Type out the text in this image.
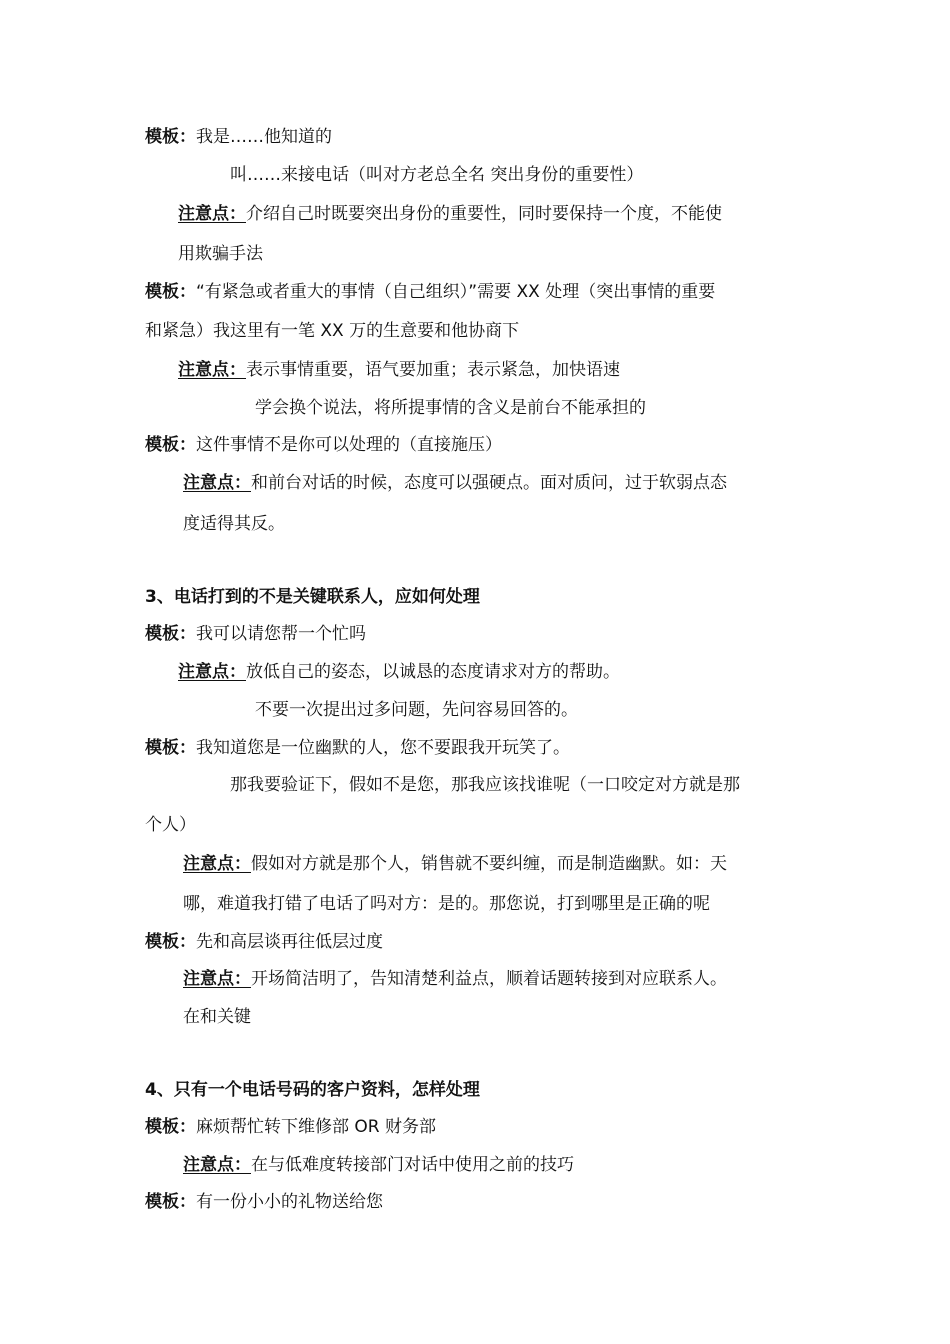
模板：我是……他知道的
叫……来接电话（叫对方老总全名 突出身份的重要性）
注意点：介绍自己时既要突出身份的重要性，同时要保持一个度，不能使
用欺骗手法
模板：“有紧急或者重大的事情（自己组织）”需要 XX 处理（突出事情的重要
和紧急）我这里有一笔 XX 万的生意要和他协商下
注意点：表示事情重要，语气要加重；表示紧急，加快语速
学会换个说法，将所提事情的含义是前台不能承担的
模板：这件事情不是你可以处理的（直接施压）
注意点：和前台对话的时候，态度可以强硬点。面对质问，过于软弱点态
度适得其反。
3、电话打到的不是关键联系人，应如何处理
模板：我可以请您帮一个忙吗
注意点：放低自己的姿态，以诚恳的态度请求对方的帮助。
不要一次提出过多问题，先问容易回答的。
模板：我知道您是一位幽默的人，您不要跟我开玩笑了。
那我要验证下，假如不是您，那我应该找谁呢（一口咬定对方就是那
个人）
注意点：假如对方就是那个人，销售就不要纠缠，而是制造幽默。如：天
哪，难道我打错了电话了吗对方：是的。那您说，打到哪里是正确的呢
模板：先和高层谈再往低层过度
注意点：开场简洁明了，告知清楚利益点，顺着话题转接到对应联系人。
在和关键
4、只有一个电话号码的客户资料，怎样处理
模板：麻烦帮忙转下维修部 OR 财务部
注意点：在与低难度转接部门对话中使用之前的技巧
模板：有一份小小的礼物送给您
